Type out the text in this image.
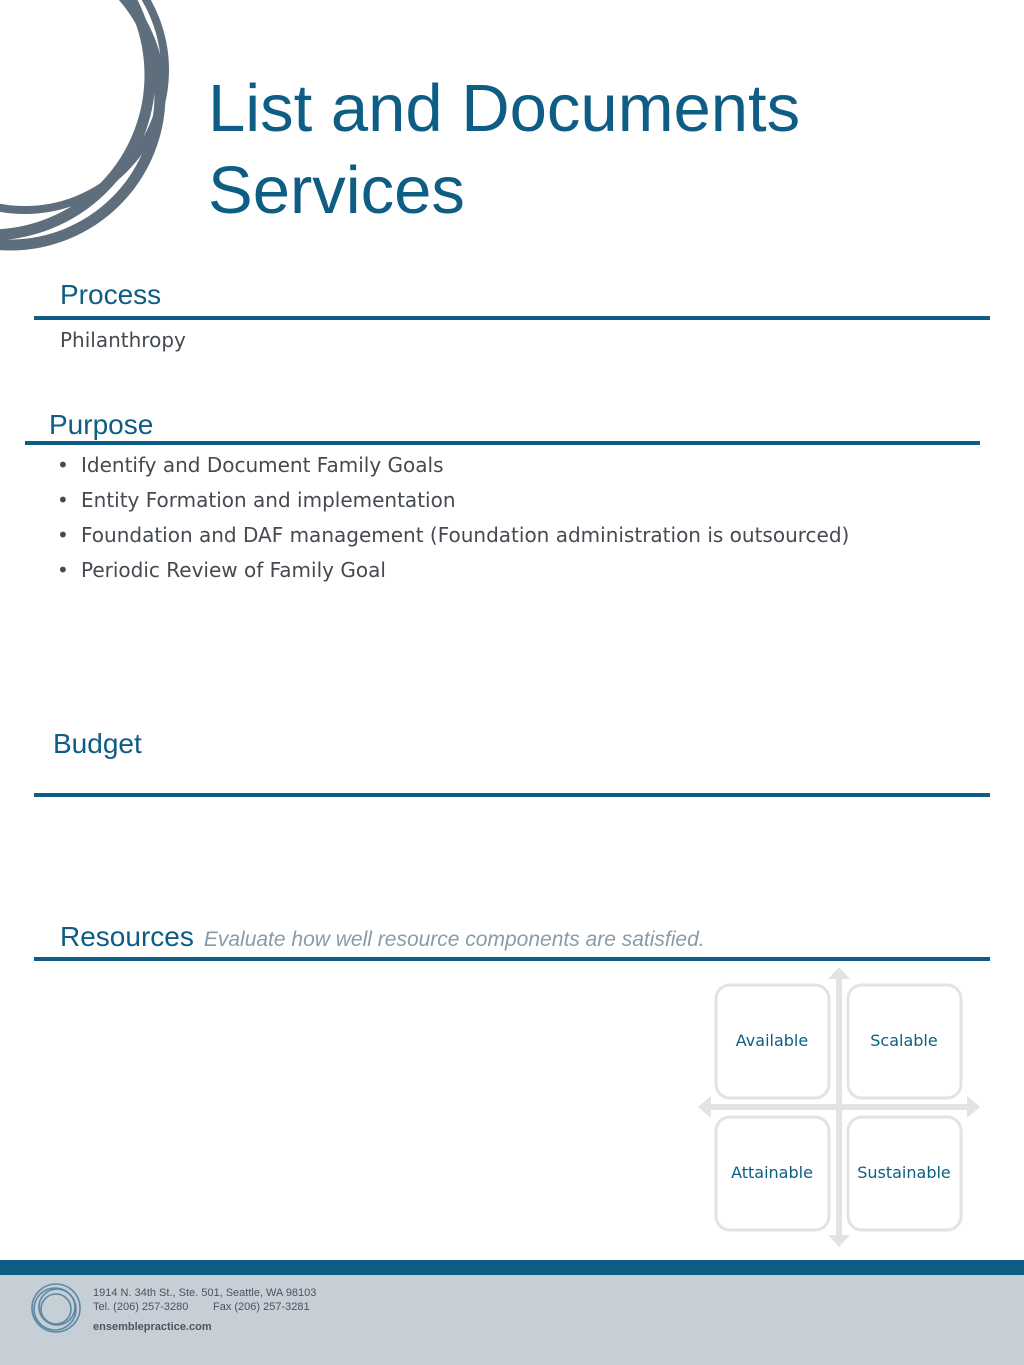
List and Documents
Services
Process
Philanthropy
Purpose
• Identify and Document Family Goals
• Entity Formation and implementation
• Foundation and DAF management (Foundation administration is outsourced)
• Periodic Review of Family Goal
Budget
Resources Evaluate how well resource components are satisfied.
Available	Scalable
Attainable	Sustainable
1914 N. 34th St., Ste. 501, Seattle, WA 98103
Tel. (206) 257-3280 Fax (206) 257-3281
ensemblepractice.com
